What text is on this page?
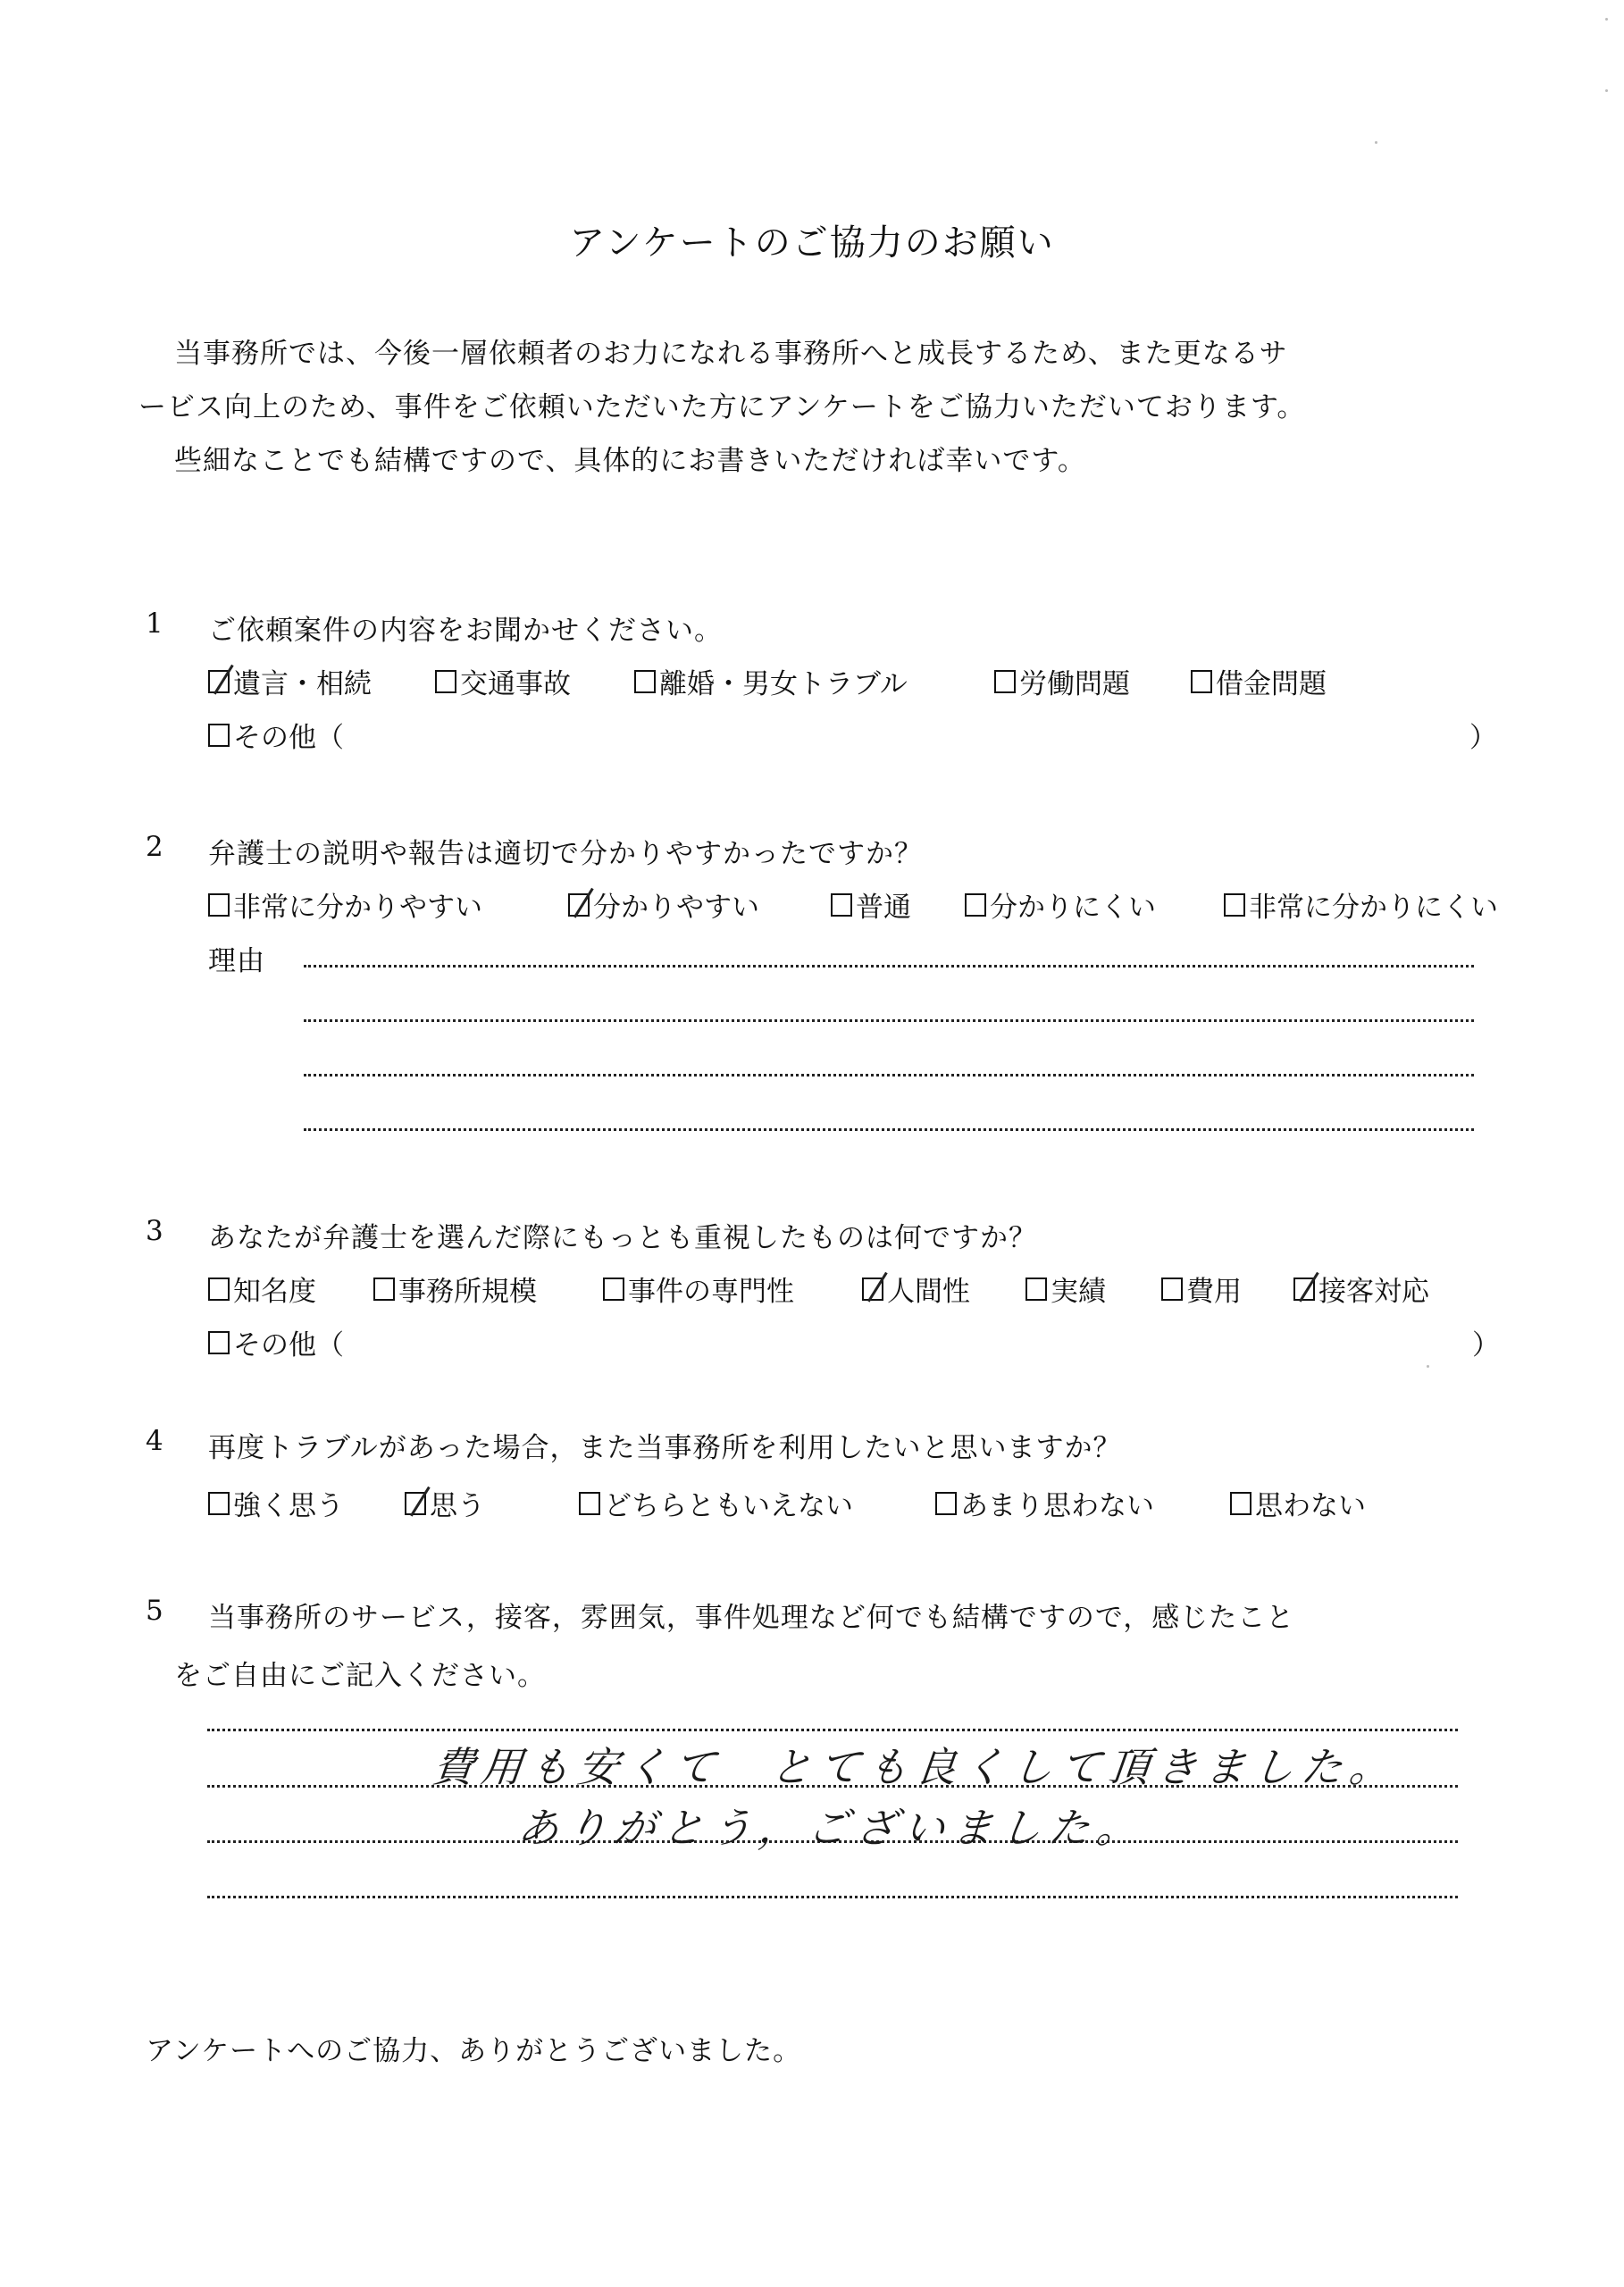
アンケートのご協力のお願い
当事務所では、今後一層依頼者のお力になれる事務所へと成長するため、また更なるサ
ービス向上のため、事件をご依頼いただいた方にアンケートをご協力いただいております。
些細なことでも結構ですので、具体的にお書きいただければ幸いです。
1 ご依頼案件の内容をお聞かせください。
遺言・相続	交通事故	離婚・男女トラブル	労働問題	借金問題
その他（	）
2 弁護士の説明や報告は適切で分かりやすかったですか？
非常に分かりやすい	分かりやすい	普通	分かりにくい	非常に分かりにくい
理由
3 あなたが弁護士を選んだ際にもっとも重視したものは何ですか？
知名度	事務所規模	事件の専門性	人間性	実績	費用	接客対応
その他（	）
4 再度トラブルがあった場合，また当事務所を利用したいと思いますか？
強く思う	思う	どちらともいえない	あまり思わない	思わない
5 当事務所のサービス，接客，雰囲気，事件処理など何でも結構ですので，感じたこと
をご自由にご記入ください。
費用も安くて　とても良くして頂きました。
ありがとう，ございました。
アンケートへのご協力、ありがとうございました。
